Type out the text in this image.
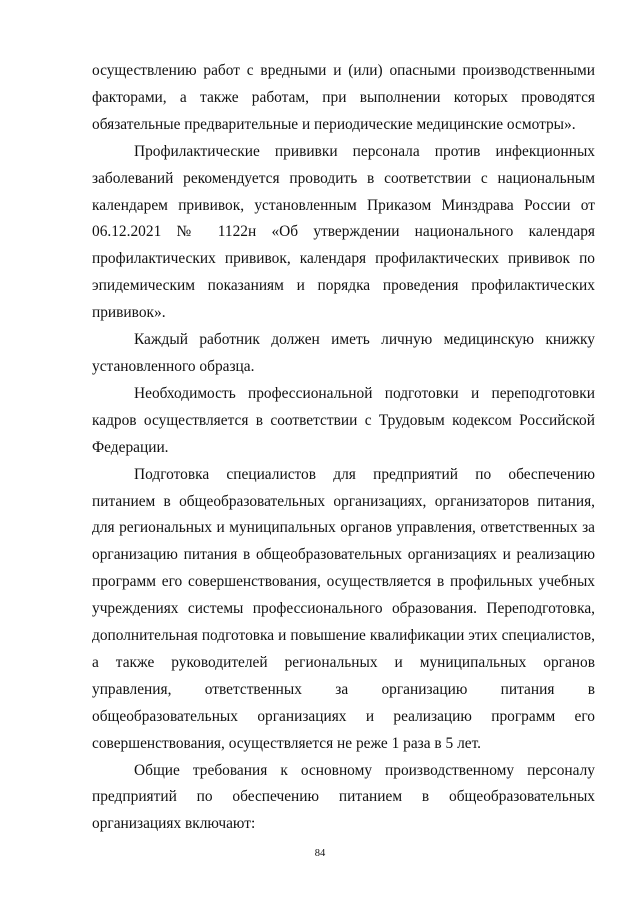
осуществлению работ с вредными и (или) опасными производственными факторами, а также работам, при выполнении которых проводятся обязательные предварительные и периодические медицинские осмотры».

Профилактические прививки персонала против инфекционных заболеваний рекомендуется проводить в соответствии с национальным календарем прививок, установленным Приказом Минздрава России от 06.12.2021 № 1122н «Об утверждении национального календаря профилактических прививок, календаря профилактических прививок по эпидемическим показаниям и порядка проведения профилактических прививок».

Каждый работник должен иметь личную медицинскую книжку установленного образца.

Необходимость профессиональной подготовки и переподготовки кадров осуществляется в соответствии с Трудовым кодексом Российской Федерации.

Подготовка специалистов для предприятий по обеспечению питанием в общеобразовательных организациях, организаторов питания, для региональных и муниципальных органов управления, ответственных за организацию питания в общеобразовательных организациях и реализацию программ его совершенствования, осуществляется в профильных учебных учреждениях системы профессионального образования. Переподготовка, дополнительная подготовка и повышение квалификации этих специалистов, а также руководителей региональных и муниципальных органов управления, ответственных за организацию питания в общеобразовательных организациях и реализацию программ его совершенствования, осуществляется не реже 1 раза в 5 лет.

Общие требования к основному производственному персоналу предприятий по обеспечению питанием в общеобразовательных организациях включают:

84
